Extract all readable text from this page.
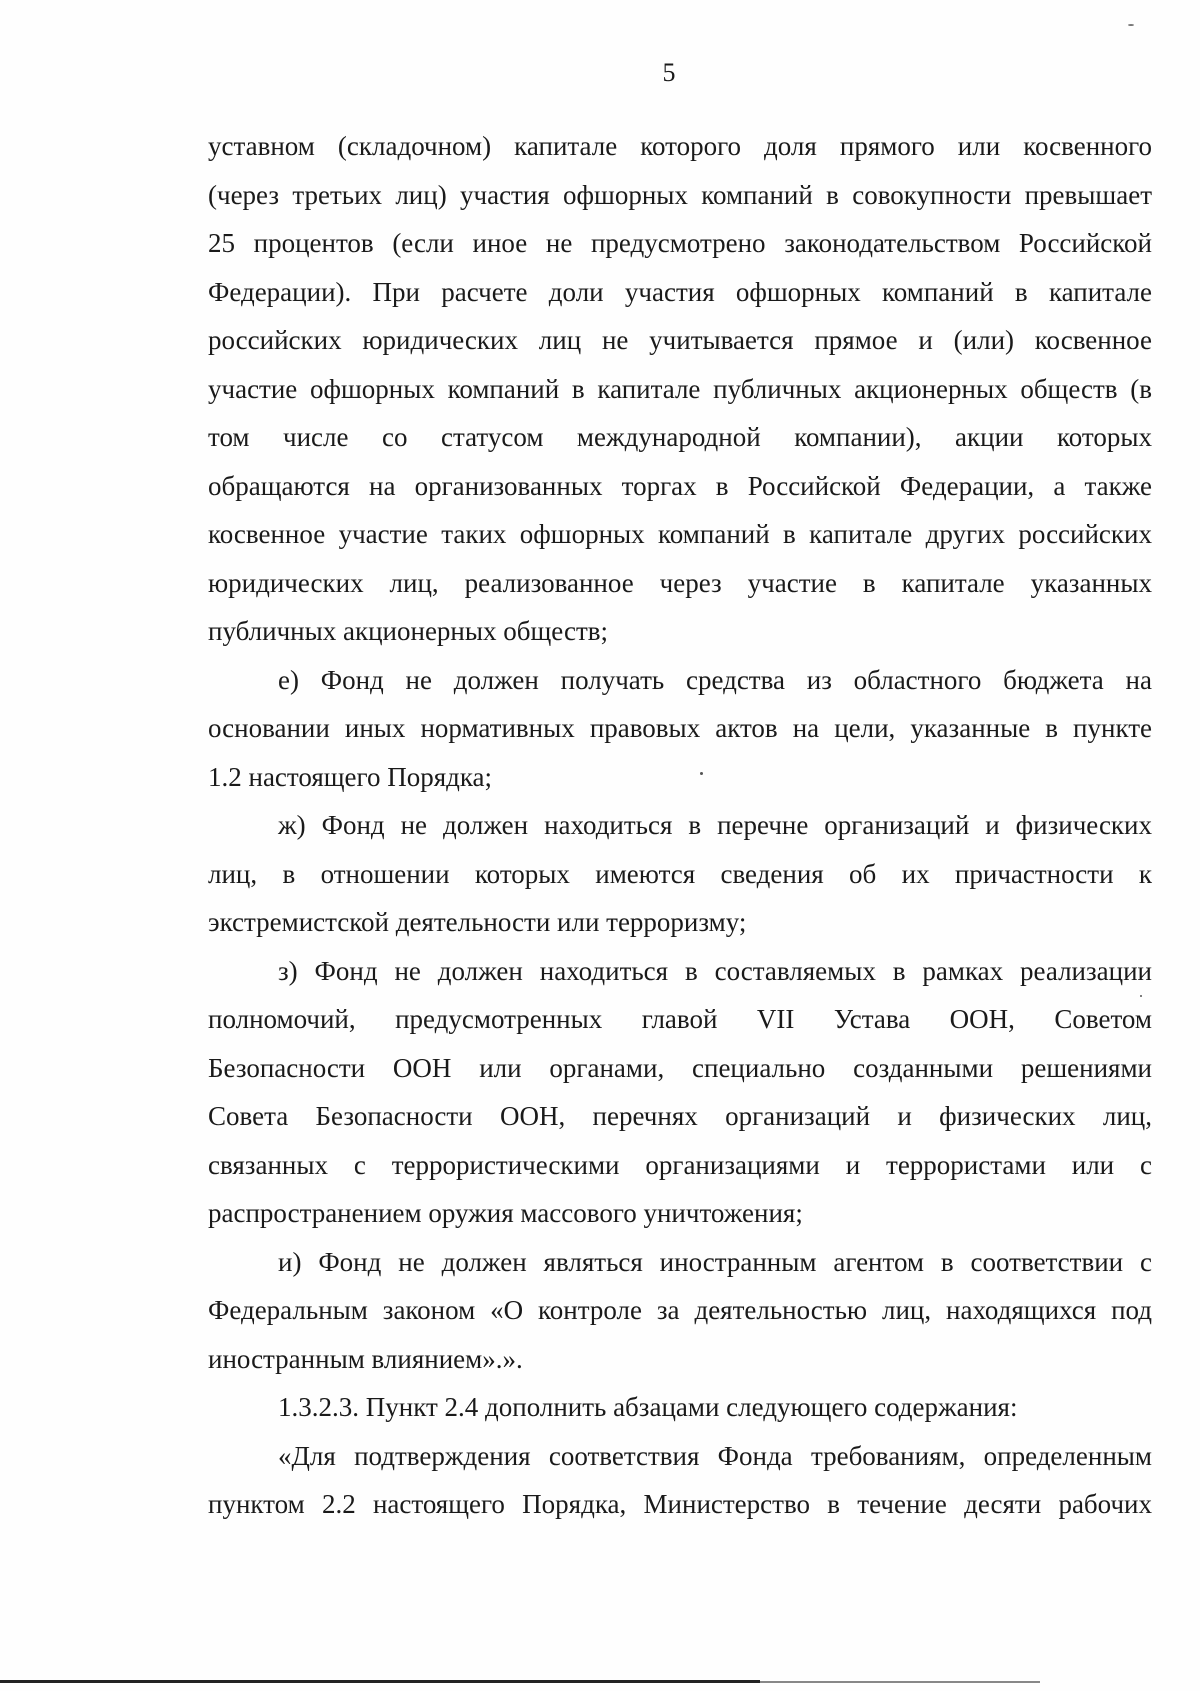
5
уставном (складочном) капитале которого доля прямого или косвенного
(через третьих лиц) участия офшорных компаний в совокупности превышает
25 процентов (если иное не предусмотрено законодательством Российской
Федерации). При расчете доли участия офшорных компаний в капитале
российских юридических лиц не учитывается прямое и (или) косвенное
участие офшорных компаний в капитале публичных акционерных обществ (в
том числе со статусом международной компании), акции которых
обращаются на организованных торгах в Российской Федерации, а также
косвенное участие таких офшорных компаний в капитале других российских
юридических лиц, реализованное через участие в капитале указанных
публичных акционерных обществ;
е) Фонд не должен получать средства из областного бюджета на
основании иных нормативных правовых актов на цели, указанные в пункте
1.2 настоящего Порядка;
ж) Фонд не должен находиться в перечне организаций и физических
лиц, в отношении которых имеются сведения об их причастности к
экстремистской деятельности или терроризму;
з) Фонд не должен находиться в составляемых в рамках реализации
полномочий, предусмотренных главой VII Устава ООН, Советом
Безопасности ООН или органами, специально созданными решениями
Совета Безопасности ООН, перечнях организаций и физических лиц,
связанных с террористическими организациями и террористами или с
распространением оружия массового уничтожения;
и) Фонд не должен являться иностранным агентом в соответствии с
Федеральным законом «О контроле за деятельностью лиц, находящихся под
иностранным влиянием».».
1.3.2.3. Пункт 2.4 дополнить абзацами следующего содержания:
«Для подтверждения соответствия Фонда требованиям, определенным
пунктом 2.2 настоящего Порядка, Министерство в течение десяти рабочих
